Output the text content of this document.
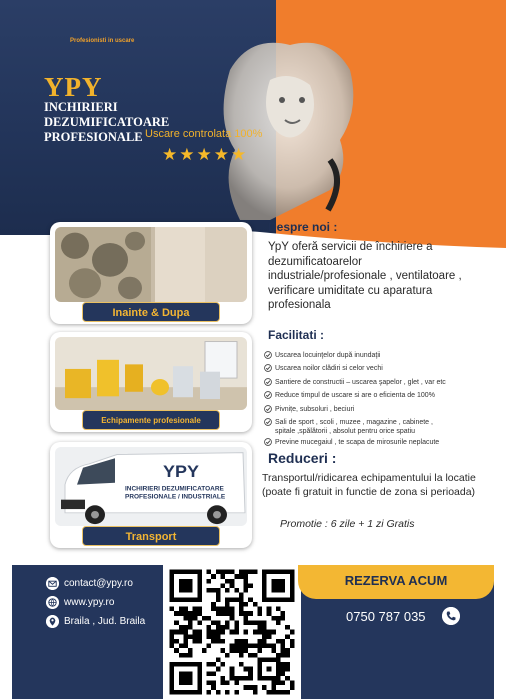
Profesionisti in uscare
YPY
INCHIRIERI DEZUMIFICATOARE PROFESIONALE Uscare controlata 100%
★★★★★
Inainte & Dupa
Echipamente profesionale
YPY
INCHIRIERI DEZUMIFICATOARE
PROFESIONALE / INDUSTRIALE
Transport
Despre noi :
YpY oferă servicii de închiriere a dezumificatoarelor industriale/profesionale , ventilatoare , verificare umiditate cu aparatura profesionala
Facilitati :
Uscarea locuinţelor după inundaţii
Uscarea noilor clădiri si celor vechi
Santiere de constructii – uscarea şapelor , glet , var etc
Reduce timpul de uscare si are o eficienta de 100%
Pivnițe, subsoluri , beciuri
Sali de sport , scoli , muzee , magazine , cabinete ,
spitale ,spălătorii , absolut pentru orice spatiu
Previne mucegaiul , te scapa de mirosurile neplacute
Reduceri :
Transportul/ridicarea echipamentului la locatie (poate fi gratuit in functie de zona si perioada)
Promotie : 6 zile + 1 zi Gratis
contact@ypy.ro
www.ypy.ro
Braila , Jud. Braila
REZERVA ACUM
0750 787 035
